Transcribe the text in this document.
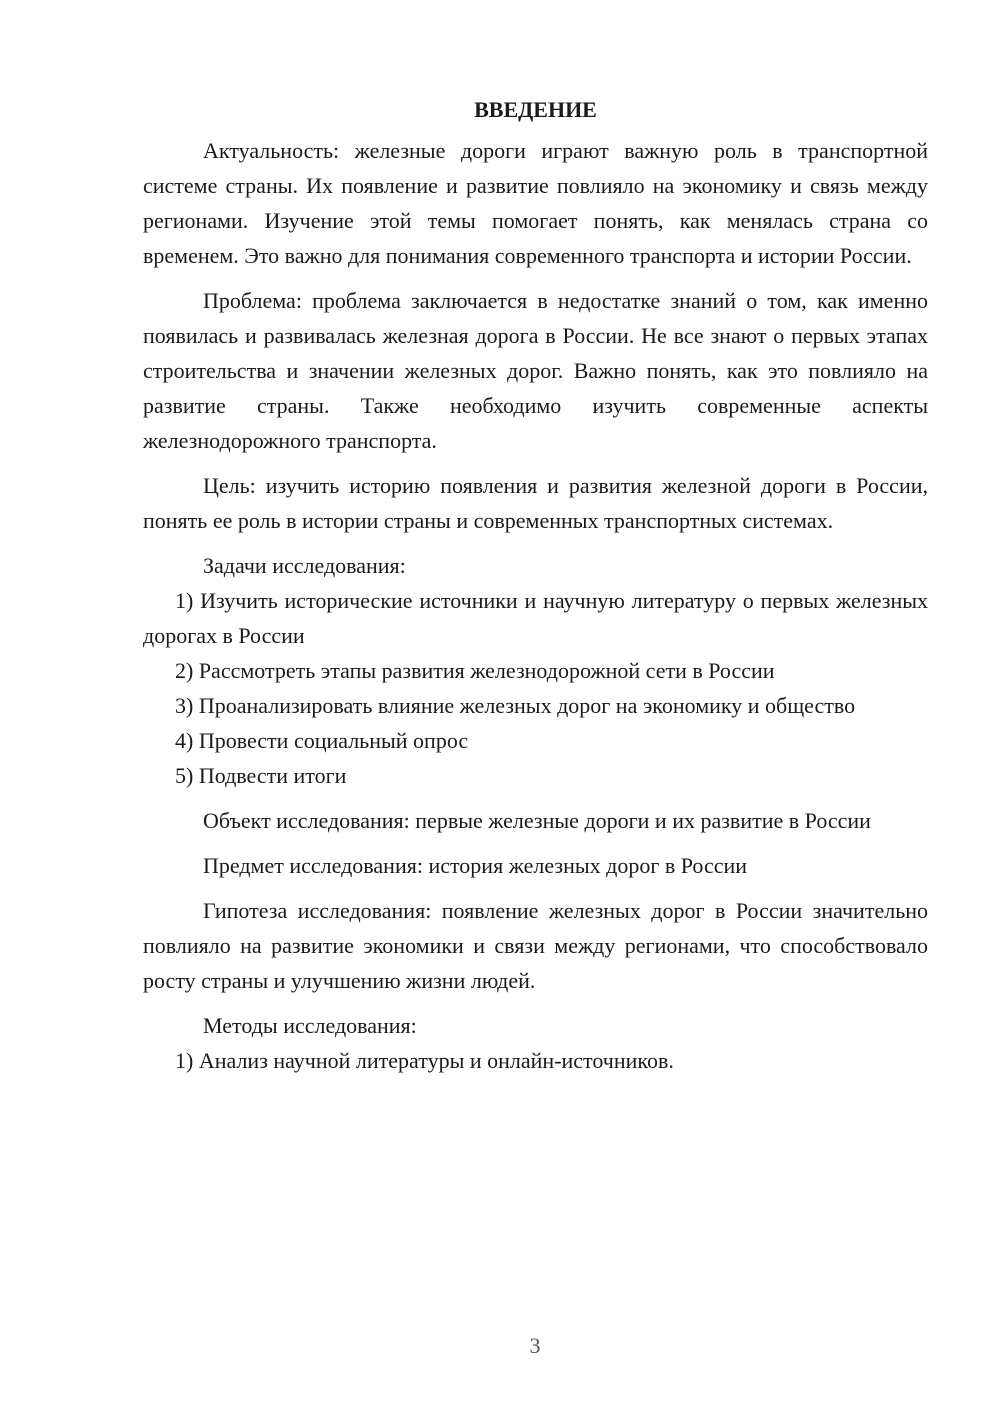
ВВЕДЕНИЕ

Актуальность: железные дороги играют важную роль в транспортной системе страны. Их появление и развитие повлияло на экономику и связь между регионами. Изучение этой темы помогает понять, как менялась страна со временем. Это важно для понимания современного транспорта и истории России.

Проблема: проблема заключается в недостатке знаний о том, как именно появилась и развивалась железная дорога в России. Не все знают о первых этапах строительства и значении железных дорог. Важно понять, как это повлияло на развитие страны. Также необходимо изучить современные аспекты железнодорожного транспорта.

Цель: изучить историю появления и развития железной дороги в России, понять ее роль в истории страны и современных транспортных системах.

Задачи исследования:

1) Изучить исторические источники и научную литературу о первых железных дорогах в России

2) Рассмотреть этапы развития железнодорожной сети в России

3) Проанализировать влияние железных дорог на экономику и общество

4) Провести социальный опрос

5) Подвести итоги

Объект исследования: первые железные дороги и их развитие в России

Предмет исследования: история железных дорог в России

Гипотеза исследования: появление железных дорог в России значительно повлияло на развитие экономики и связи между регионами, что способствовало росту страны и улучшению жизни людей.

Методы исследования:

1) Анализ научной литературы и онлайн-источников.

3
